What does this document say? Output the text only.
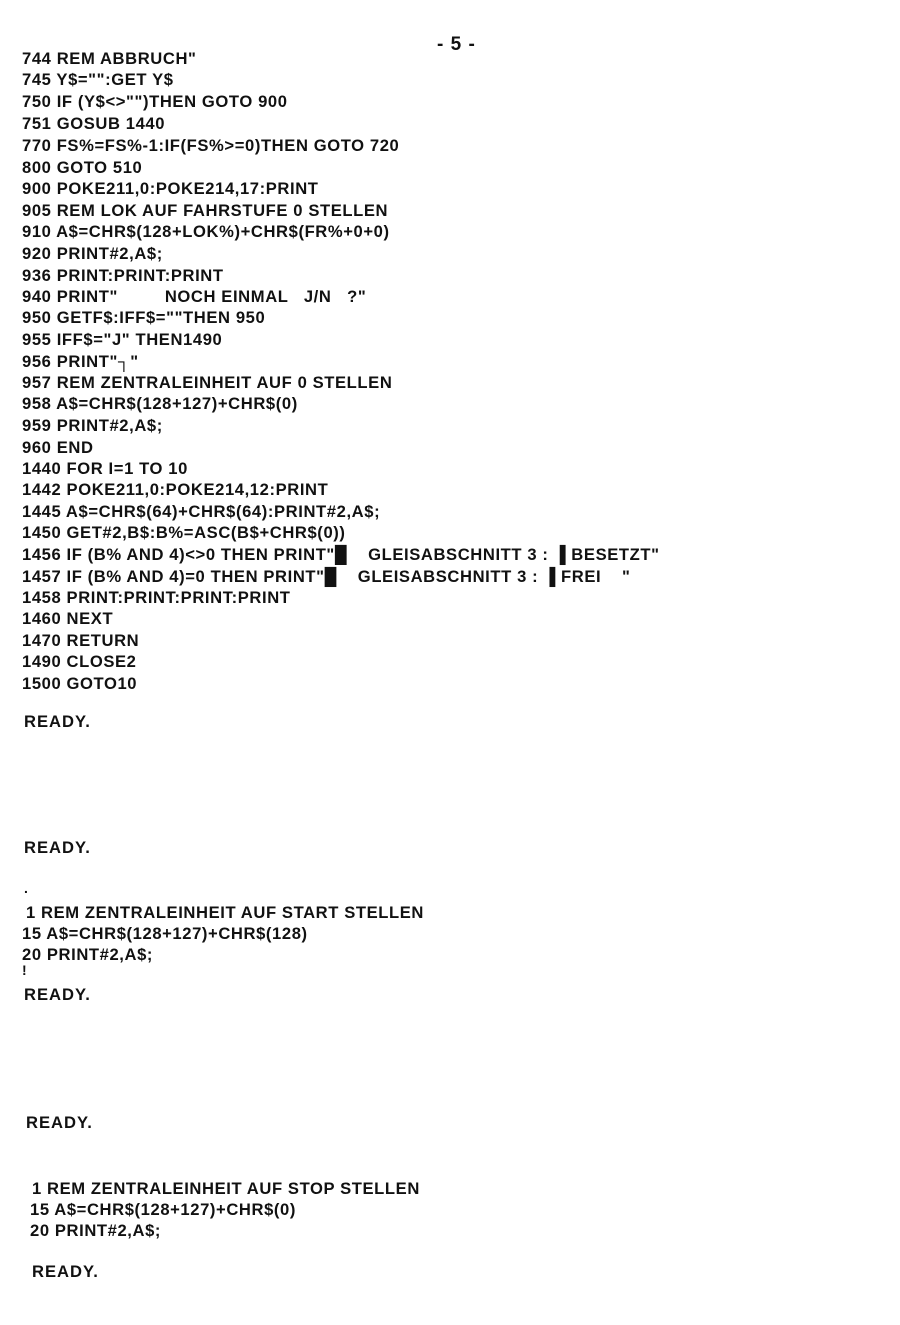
- 5 -
744 REM ABBRUCH"
745 Y$="":GET Y$
750 IF (Y$<>"")THEN GOTO 900
751 GOSUB 1440
770 FS%=FS%-1:IF(FS%>=0)THEN GOTO 720
800 GOTO 510
900 POKE211,0:POKE214,17:PRINT
905 REM LOK AUF FAHRSTUFE 0 STELLEN
910 A$=CHR$(128+LOK%)+CHR$(FR%+0+0)
920 PRINT#2,A$;
936 PRINT:PRINT:PRINT
940 PRINT"         NOCH EINMAL   J/N   ?"
950 GETF$:IFF$=""THEN 950
955 IFF$="J" THEN1490
956 PRINT"┐"
957 REM ZENTRALEINHEIT AUF 0 STELLEN
958 A$=CHR$(128+127)+CHR$(0)
959 PRINT#2,A$;
960 END
1440 FOR I=1 TO 10
1442 POKE211,0:POKE214,12:PRINT
1445 A$=CHR$(64)+CHR$(64):PRINT#2,A$;
1450 GET#2,B$:B%=ASC(B$+CHR$(0))
1456 IF (B% AND 4)<>0 THEN PRINT"█    GLEISABSCHNITT 3 : ▐ BESETZT"
1457 IF (B% AND 4)=0 THEN PRINT"█    GLEISABSCHNITT 3 : ▐ FREI    "
1458 PRINT:PRINT:PRINT:PRINT
1460 NEXT
1470 RETURN
1490 CLOSE2
1500 GOTO10
READY.
READY.
.
1 REM ZENTRALEINHEIT AUF START STELLEN
15 A$=CHR$(128+127)+CHR$(128)
20 PRINT#2,A$;
!
READY.
READY.
1 REM ZENTRALEINHEIT AUF STOP STELLEN
15 A$=CHR$(128+127)+CHR$(0)
20 PRINT#2,A$;
READY.
